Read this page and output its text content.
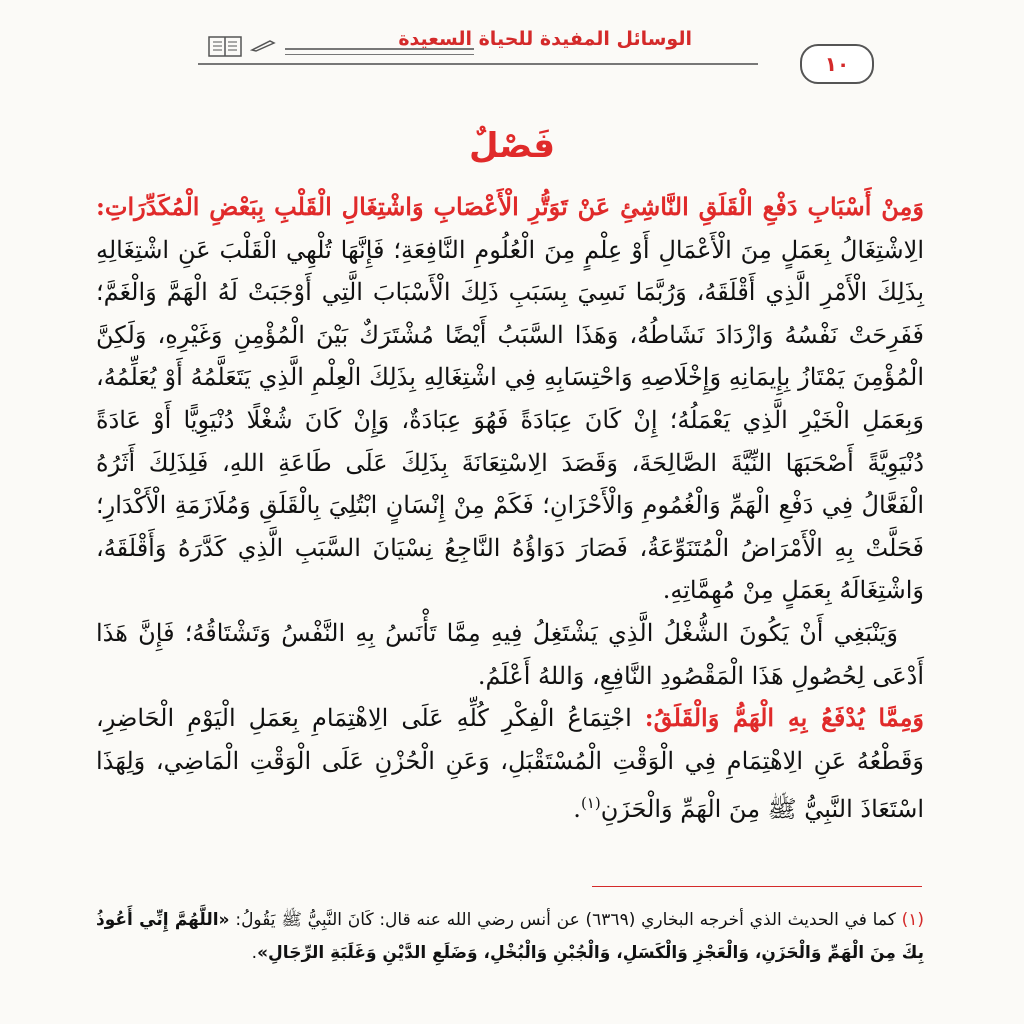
الوسائل المفيدة للحياة السعيدة
١٠
فَصْلٌ

وَمِنْ أَسْبَابِ دَفْعِ الْقَلَقِ النَّاشِئِ عَنْ تَوَتُّرِ الْأَعْصَابِ وَاشْتِغَالِ الْقَلْبِ بِبَعْضِ الْمُكَدِّرَاتِ: الِاشْتِغَالُ بِعَمَلٍ مِنَ الْأَعْمَالِ أَوْ عِلْمٍ مِنَ الْعُلُومِ النَّافِعَةِ؛ فَإِنَّهَا تُلْهِي الْقَلْبَ عَنِ اشْتِغَالِهِ بِذَلِكَ الْأَمْرِ الَّذِي أَقْلَقَهُ، وَرُبَّمَا نَسِيَ بِسَبَبِ ذَلِكَ الْأَسْبَابَ الَّتِي أَوْجَبَتْ لَهُ الْهَمَّ وَالْغَمَّ؛ فَفَرِحَتْ نَفْسُهُ وَازْدَادَ نَشَاطُهُ، وَهَذَا السَّبَبُ أَيْضًا مُشْتَرَكٌ بَيْنَ الْمُؤْمِنِ وَغَيْرِهِ، وَلَكِنَّ الْمُؤْمِنَ يَمْتَازُ بِإِيمَانِهِ وَإِخْلَاصِهِ وَاحْتِسَابِهِ فِي اشْتِغَالِهِ بِذَلِكَ الْعِلْمِ الَّذِي يَتَعَلَّمُهُ أَوْ يُعَلِّمُهُ، وَبِعَمَلِ الْخَيْرِ الَّذِي يَعْمَلُهُ؛ إِنْ كَانَ عِبَادَةً فَهُوَ عِبَادَةٌ، وَإِنْ كَانَ شُغْلًا دُنْيَوِيًّا أَوْ عَادَةً دُنْيَوِيَّةً أَصْحَبَهَا النِّيَّةَ الصَّالِحَةَ، وَقَصَدَ الِاسْتِعَانَةَ بِذَلِكَ عَلَى طَاعَةِ اللهِ، فَلِذَلِكَ أَثَرُهُ الْفَعَّالُ فِي دَفْعِ الْهَمِّ وَالْغُمُومِ وَالْأَحْزَانِ؛ فَكَمْ مِنْ إِنْسَانٍ ابْتُلِيَ بِالْقَلَقِ وَمُلَازَمَةِ الْأَكْدَارِ؛ فَحَلَّتْ بِهِ الْأَمْرَاضُ الْمُتَنَوِّعَةُ، فَصَارَ دَوَاؤُهُ النَّاجِعُ نِسْيَانَ السَّبَبِ الَّذِي كَدَّرَهُ وَأَقْلَقَهُ، وَاشْتِغَالَهُ بِعَمَلٍ مِنْ مُهِمَّاتِهِ.

وَيَنْبَغِي أَنْ يَكُونَ الشُّغْلُ الَّذِي يَشْتَغِلُ فِيهِ مِمَّا تَأْنَسُ بِهِ النَّفْسُ وَتَشْتَاقُهُ؛ فَإِنَّ هَذَا أَدْعَى لِحُصُولِ هَذَا الْمَقْصُودِ النَّافِعِ، وَاللهُ أَعْلَمُ.

وَمِمَّا يُدْفَعُ بِهِ الْهَمُّ وَالْقَلَقُ: اجْتِمَاعُ الْفِكْرِ كُلِّهِ عَلَى الِاهْتِمَامِ بِعَمَلِ الْيَوْمِ الْحَاضِرِ، وَقَطْعُهُ عَنِ الِاهْتِمَامِ فِي الْوَقْتِ الْمُسْتَقْبَلِ، وَعَنِ الْحُزْنِ عَلَى الْوَقْتِ الْمَاضِي، وَلِهَذَا اسْتَعَاذَ النَّبِيُّ ﷺ مِنَ الْهَمِّ وَالْحَزَنِ$^{(١)}$.

(١) كما في الحديث الذي أخرجه البخاري (٦٣٦٩) عن أنس رضي الله عنه قال: كَانَ النَّبِيُّ ﷺ يَقُولُ: «اللَّهُمَّ إِنِّي أَعُوذُ بِكَ مِنَ الْهَمِّ وَالْحَزَنِ، وَالْعَجْزِ وَالْكَسَلِ، وَالْجُبْنِ وَالْبُخْلِ، وَضَلَعِ الدَّيْنِ وَغَلَبَةِ الرِّجَالِ».
